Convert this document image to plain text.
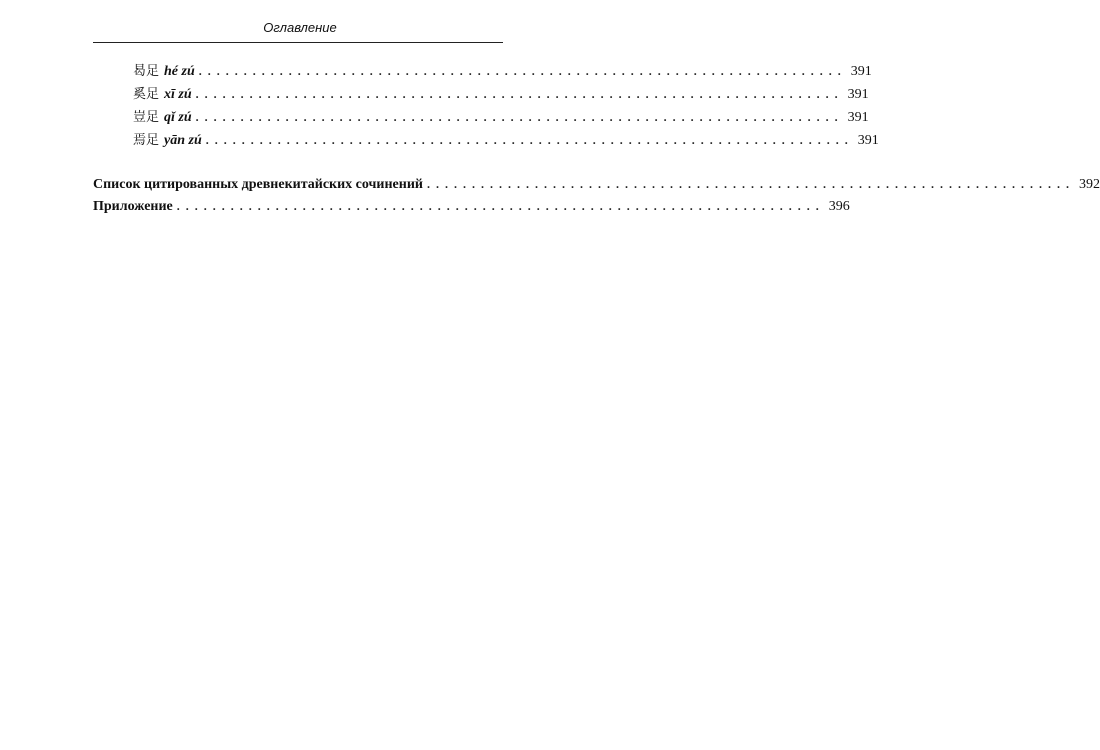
Оглавление
曷足 hé zú ........................................................................ 391
奚足 xī zú ........................................................................ 391
豈足 qǐ zú ........................................................................ 391
焉足 yān zú ........................................................................ 391
Список цитированных древнекитайских сочинений ........................................................................ 392
Приложение ........................................................................ 396
